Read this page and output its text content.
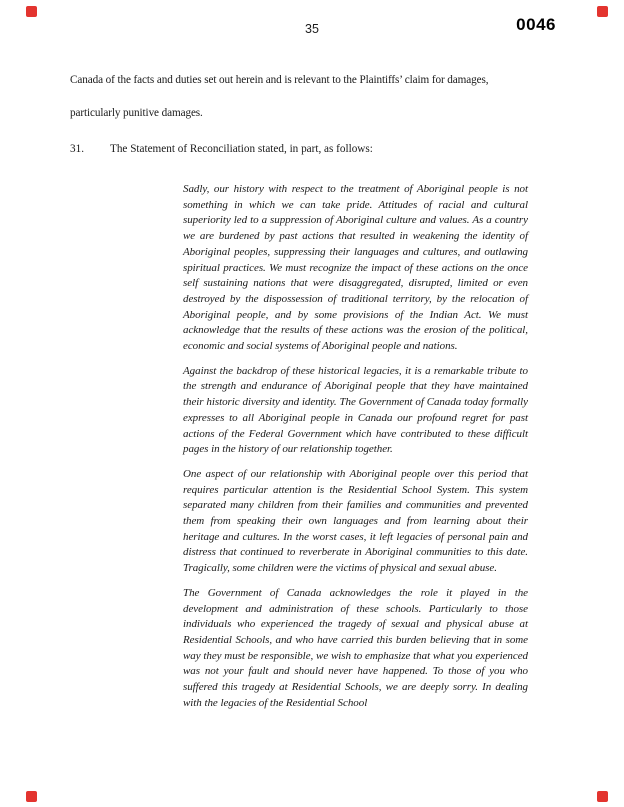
35	0046
Canada of the facts and duties set out herein and is relevant to the Plaintiffs’ claim for damages,
particularly punitive damages.
31.	The Statement of Reconciliation stated, in part, as follows:

Sadly, our history with respect to the treatment of Aboriginal people is not something in which we can take pride. Attitudes of racial and cultural superiority led to a suppression of Aboriginal culture and values. As a country we are burdened by past actions that resulted in weakening the identity of Aboriginal peoples, suppressing their languages and cultures, and outlawing spiritual practices. We must recognize the impact of these actions on the once self sustaining nations that were disaggregated, disrupted, limited or even destroyed by the dispossession of traditional territory, by the relocation of Aboriginal people, and by some provisions of the Indian Act. We must acknowledge that the results of these actions was the erosion of the political, economic and social systems of Aboriginal people and nations.

Against the backdrop of these historical legacies, it is a remarkable tribute to the strength and endurance of Aboriginal people that they have maintained their historic diversity and identity. The Government of Canada today formally expresses to all Aboriginal people in Canada our profound regret for past actions of the Federal Government which have contributed to these difficult pages in the history of our relationship together.

One aspect of our relationship with Aboriginal people over this period that requires particular attention is the Residential School System. This system separated many children from their families and communities and prevented them from speaking their own languages and from learning about their heritage and cultures. In the worst cases, it left legacies of personal pain and distress that continued to reverberate in Aboriginal communities to this date. Tragically, some children were the victims of physical and sexual abuse.

The Government of Canada acknowledges the role it played in the development and administration of these schools. Particularly to those individuals who experienced the tragedy of sexual and physical abuse at Residential Schools, and who have carried this burden believing that in some way they must be responsible, we wish to emphasize that what you experienced was not your fault and should never have happened. To those of you who suffered this tragedy at Residential Schools, we are deeply sorry. In dealing with the legacies of the Residential School
